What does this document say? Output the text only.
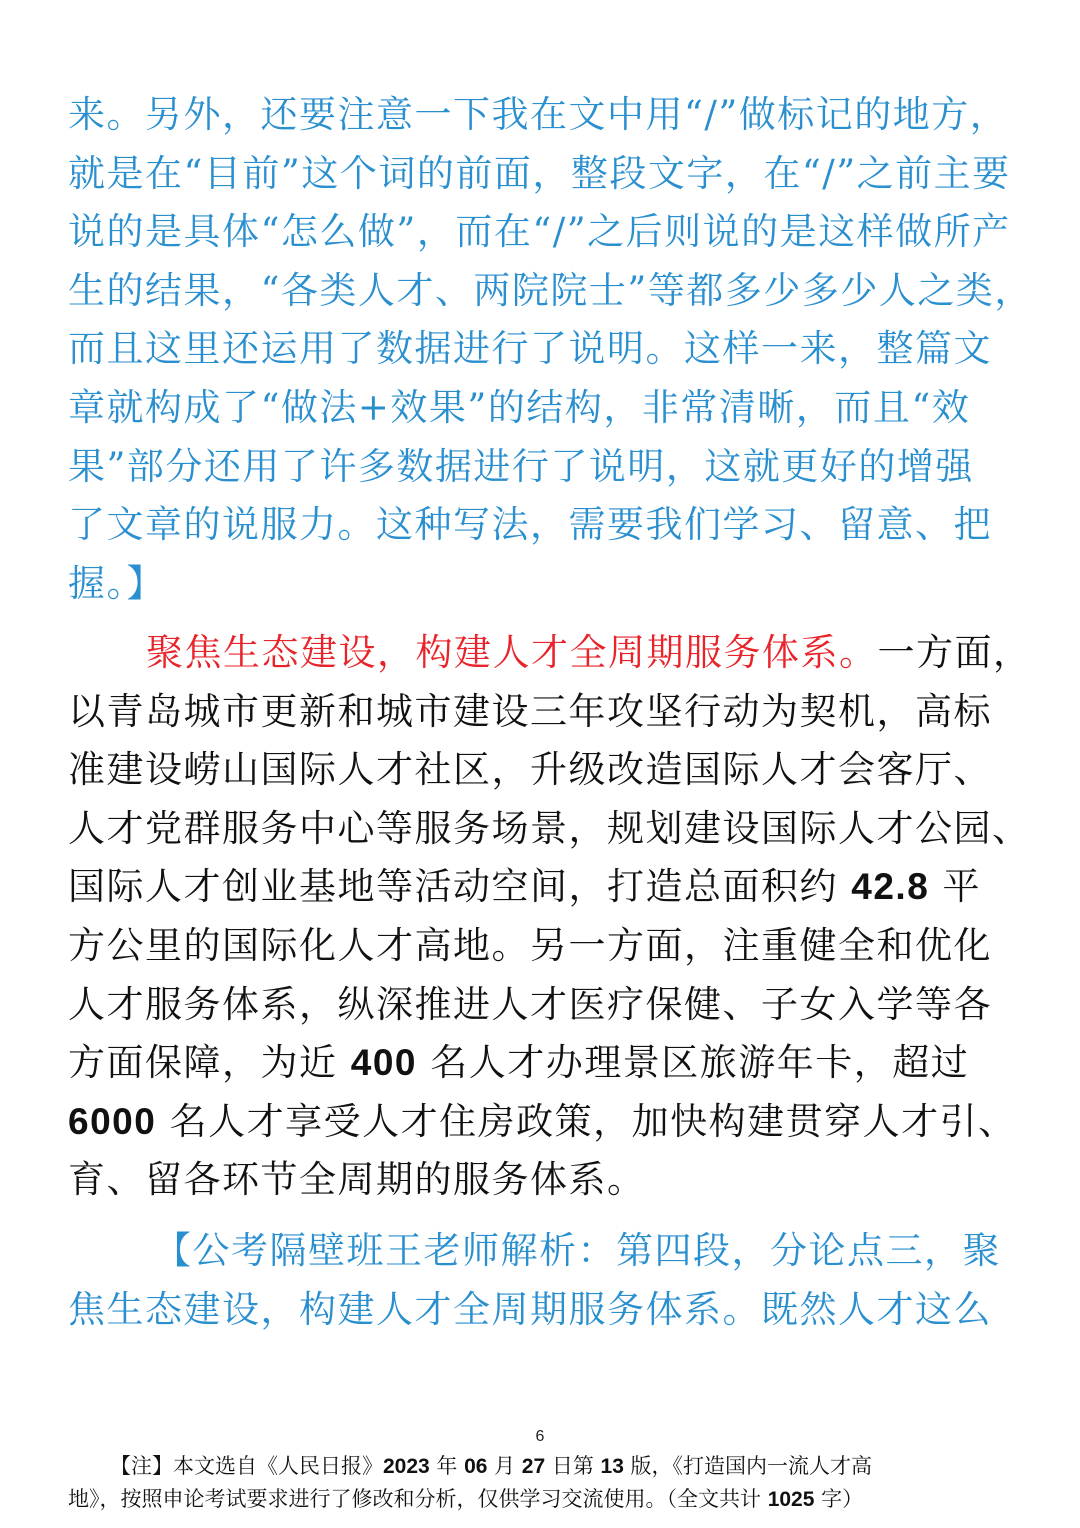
来。另外，还要注意一下我在文中用“/”做标记的地方，
就是在“目前”这个词的前面，整段文字，在“/”之前主要
说的是具体“怎么做”，而在“/”之后则说的是这样做所产
生的结果，“各类人才、两院院士”等都多少多少人之类，
而且这里还运用了数据进行了说明。这样一来，整篇文
章就构成了“做法+效果”的结构，非常清晰，而且“效
果”部分还用了许多数据进行了说明，这就更好的增强
了文章的说服力。这种写法，需要我们学习、留意、把
握。】
聚焦生态建设，构建人才全周期服务体系。一方面，
以青岛城市更新和城市建设三年攻坚行动为契机，高标
准建设崂山国际人才社区，升级改造国际人才会客厅、
人才党群服务中心等服务场景，规划建设国际人才公园、
国际人才创业基地等活动空间，打造总面积约 42.8 平
方公里的国际化人才高地。另一方面，注重健全和优化
人才服务体系，纵深推进人才医疗保健、子女入学等各
方面保障，为近 400 名人才办理景区旅游年卡，超过
6000 名人才享受人才住房政策，加快构建贯穿人才引、
育、留各环节全周期的服务体系。
【公考隔壁班王老师解析：第四段，分论点三，聚
焦生态建设，构建人才全周期服务体系。既然人才这么
6
【注】本文选自《人民日报》2023 年 06 月 27 日第 13 版，《打造国内一流人才高
地》，按照申论考试要求进行了修改和分析，仅供学习交流使用。（全文共计 1025 字）
